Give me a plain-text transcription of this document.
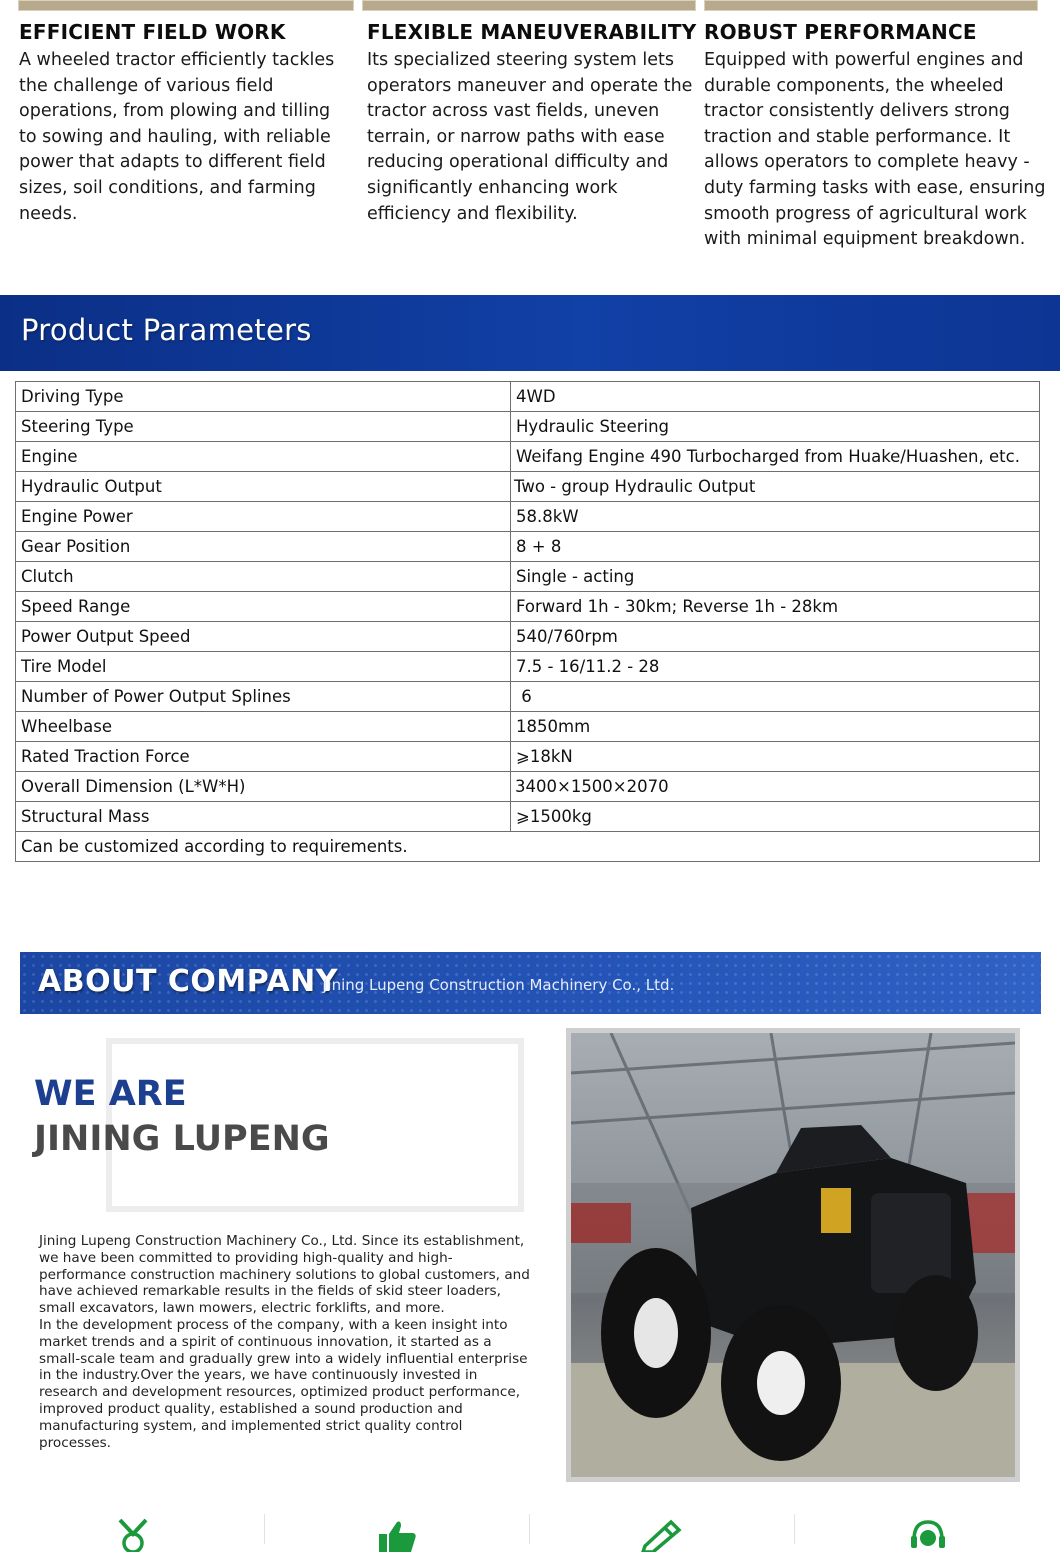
EFFICIENT FIELD WORK

A wheeled tractor efficiently tackles the challenge of various field operations, from plowing and tilling to sowing and hauling, with reliable power that adapts to different field sizes, soil conditions, and farming needs.

FLEXIBLE MANEUVERABILITY

Its specialized steering system lets operators maneuver and operate the tractor across vast fields, uneven terrain, or narrow paths with ease reducing operational difficulty and significantly enhancing work efficiency and flexibility.

ROBUST PERFORMANCE

Equipped with powerful engines and durable components, the wheeled tractor consistently delivers strong traction and stable performance. It allows operators to complete heavy - duty farming tasks with ease, ensuring smooth progress of agricultural work with minimal equipment breakdown.

Product Parameters
Driving Type	4WD
Steering Type	Hydraulic Steering
Engine	Weifang Engine 490 Turbocharged from Huake/Huashen, etc.
Hydraulic Output	Two - group Hydraulic Output
Engine Power	58.8kW
Gear Position	8 + 8
Clutch	Single - acting
Speed Range	Forward 1h - 30km; Reverse 1h - 28km
Power Output Speed	540/760rpm
Tire Model	7.5 - 16/11.2 - 28
Number of Power Output Splines	6
Wheelbase	1850mm
Rated Traction Force	⩾18kN
Overall Dimension (L*W*H)	3400×1500×2070
Structural Mass	⩾1500kg
Can be customized according to requirements.	
ABOUT COMPANY
Jining Lupeng Construction Machinery Co., Ltd.
WE ARE
JINING LUPENG

Jining Lupeng Construction Machinery Co., Ltd. Since its establishment, we have been committed to providing high-quality and high-performance construction machinery solutions to global customers, and have achieved remarkable results in the fields of skid steer loaders, small excavators, lawn mowers, electric forklifts, and more.

In the development process of the company, with a keen insight into market trends and a spirit of continuous innovation, it started as a small-scale team and gradually grew into a widely influential enterprise in the industry.Over the years, we have continuously invested in research and development resources, optimized product performance, improved product quality, established a sound production and manufacturing system, and implemented strict quality control processes.
